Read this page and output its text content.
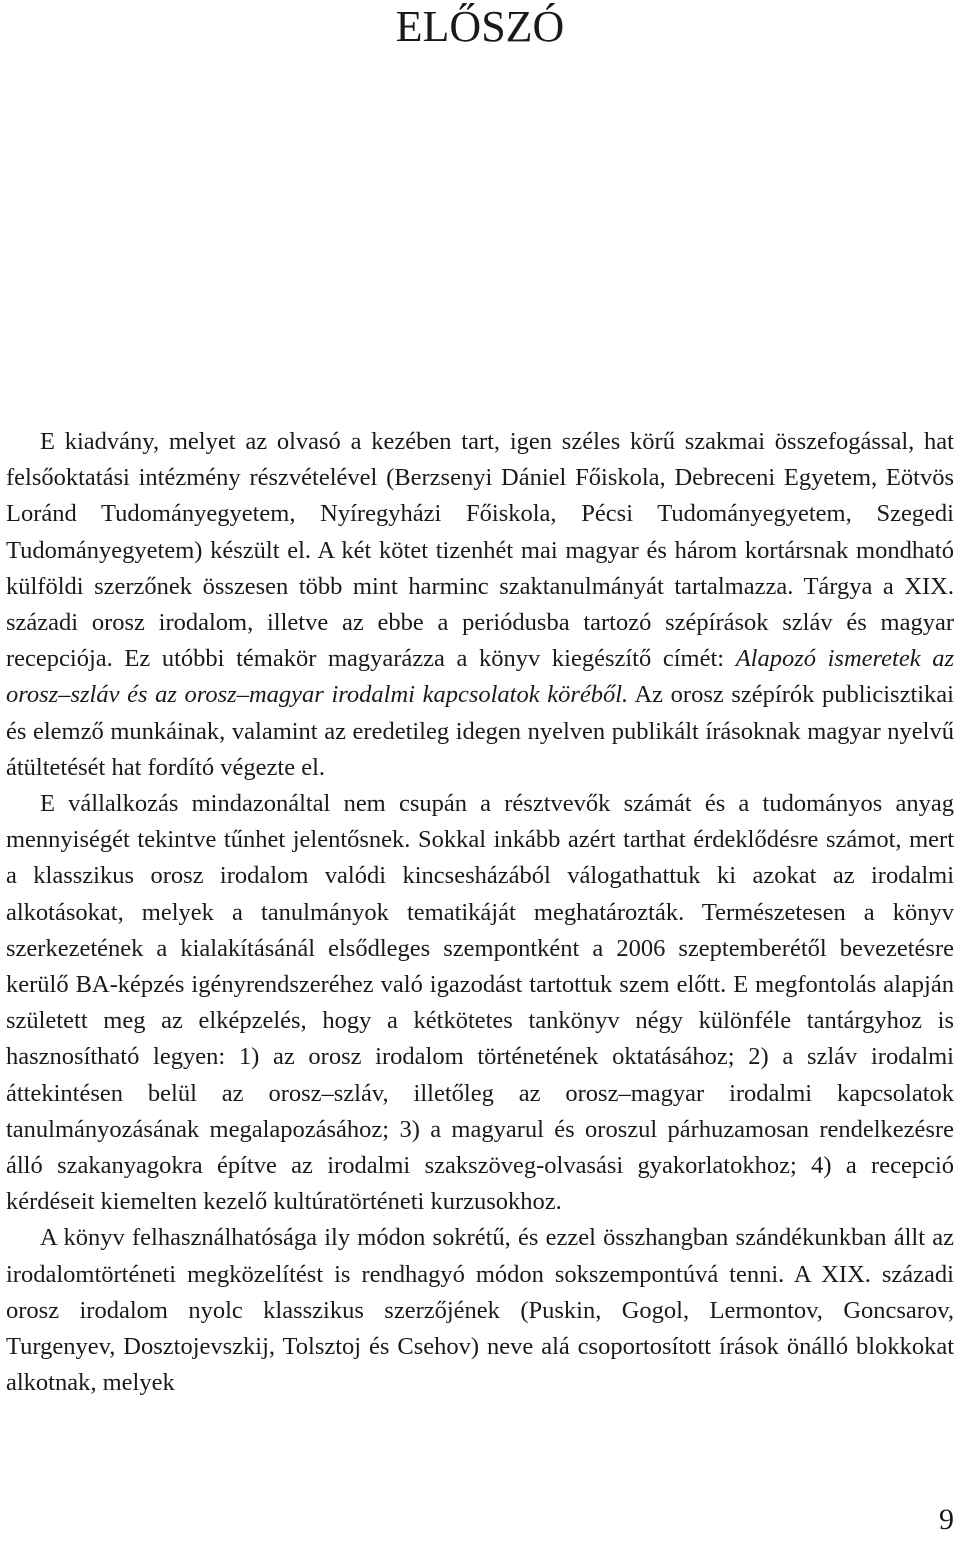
ELŐSZÓ

E kiadvány, melyet az olvasó a kezében tart, igen széles körű szakmai összefogással, hat felsőoktatási intézmény részvételével (Berzsenyi Dániel Főiskola, Debreceni Egyetem, Eötvös Loránd Tudományegyetem, Nyíregyházi Főiskola, Pécsi Tudományegyetem, Szegedi Tudományegyetem) készült el. A két kötet tizenhét mai magyar és három kortársnak mondható külföldi szerzőnek összesen több mint harminc szaktanulmányát tartalmazza. Tárgya a XIX. századi orosz irodalom, illetve az ebbe a periódusba tartozó szépírások szláv és magyar recepciója. Ez utóbbi témakör magyarázza a könyv kiegészítő címét: Alapozó ismeretek az orosz–szláv és az orosz–magyar irodalmi kapcsolatok köréből. Az orosz szépírók publicisztikai és elemző munkáinak, valamint az eredetileg idegen nyelven publikált írásoknak magyar nyelvű átültetését hat fordító végezte el.

E vállalkozás mindazonáltal nem csupán a résztvevők számát és a tudományos anyag mennyiségét tekintve tűnhet jelentősnek. Sokkal inkább azért tarthat érdeklődésre számot, mert a klasszikus orosz irodalom valódi kincsesházából válogathattuk ki azokat az irodalmi alkotásokat, melyek a tanulmányok tematikáját meghatározták. Természetesen a könyv szerkezetének a kialakításánál elsődleges szempontként a 2006 szeptemberétől bevezetésre kerülő BA-képzés igényrendszeréhez való igazodást tartottuk szem előtt. E megfontolás alapján született meg az elképzelés, hogy a kétkötetes tankönyv négy különféle tantárgyhoz is hasznosítható legyen: 1) az orosz irodalom történetének oktatásához; 2) a szláv irodalmi áttekintésen belül az orosz–szláv, illetőleg az orosz–magyar irodalmi kapcsolatok tanulmányozásának megalapozásához; 3) a magyarul és oroszul párhuzamosan rendelkezésre álló szakanyagokra építve az irodalmi szakszöveg-olvasási gyakorlatokhoz; 4) a recepció kérdéseit kiemelten kezelő kultúratörténeti kurzusokhoz.

A könyv felhasználhatósága ily módon sokrétű, és ezzel összhangban szándékunkban állt az irodalomtörténeti megközelítést is rendhagyó módon sokszempontúvá tenni. A XIX. századi orosz irodalom nyolc klasszikus szerzőjének (Puskin, Gogol, Lermontov, Goncsarov, Turgenyev, Dosztojevszkij, Tolsztoj és Csehov) neve alá csoportosított írások önálló blokkokat alkotnak, melyek

9
